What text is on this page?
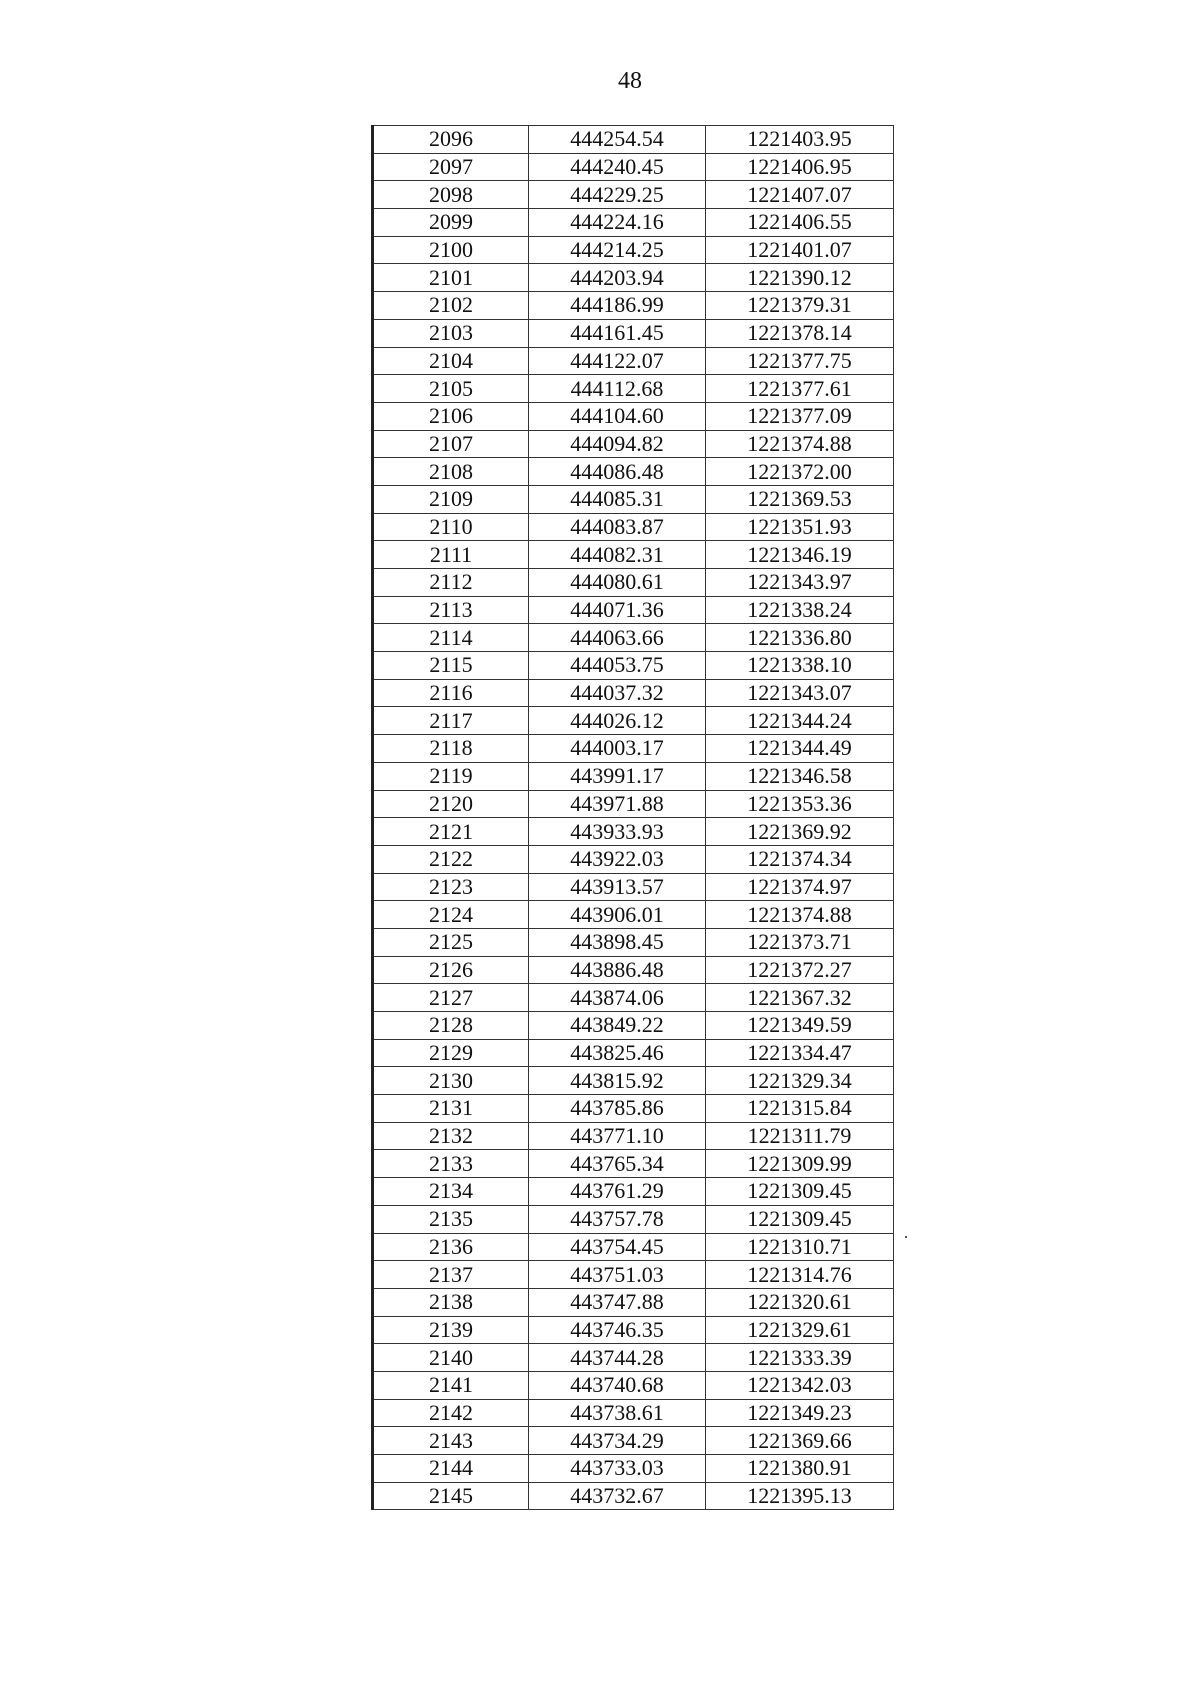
48
2096	444254.54	1221403.95
2097	444240.45	1221406.95
2098	444229.25	1221407.07
2099	444224.16	1221406.55
2100	444214.25	1221401.07
2101	444203.94	1221390.12
2102	444186.99	1221379.31
2103	444161.45	1221378.14
2104	444122.07	1221377.75
2105	444112.68	1221377.61
2106	444104.60	1221377.09
2107	444094.82	1221374.88
2108	444086.48	1221372.00
2109	444085.31	1221369.53
2110	444083.87	1221351.93
2111	444082.31	1221346.19
2112	444080.61	1221343.97
2113	444071.36	1221338.24
2114	444063.66	1221336.80
2115	444053.75	1221338.10
2116	444037.32	1221343.07
2117	444026.12	1221344.24
2118	444003.17	1221344.49
2119	443991.17	1221346.58
2120	443971.88	1221353.36
2121	443933.93	1221369.92
2122	443922.03	1221374.34
2123	443913.57	1221374.97
2124	443906.01	1221374.88
2125	443898.45	1221373.71
2126	443886.48	1221372.27
2127	443874.06	1221367.32
2128	443849.22	1221349.59
2129	443825.46	1221334.47
2130	443815.92	1221329.34
2131	443785.86	1221315.84
2132	443771.10	1221311.79
2133	443765.34	1221309.99
2134	443761.29	1221309.45
2135	443757.78	1221309.45
2136	443754.45	1221310.71
2137	443751.03	1221314.76
2138	443747.88	1221320.61
2139	443746.35	1221329.61
2140	443744.28	1221333.39
2141	443740.68	1221342.03
2142	443738.61	1221349.23
2143	443734.29	1221369.66
2144	443733.03	1221380.91
2145	443732.67	1221395.13
